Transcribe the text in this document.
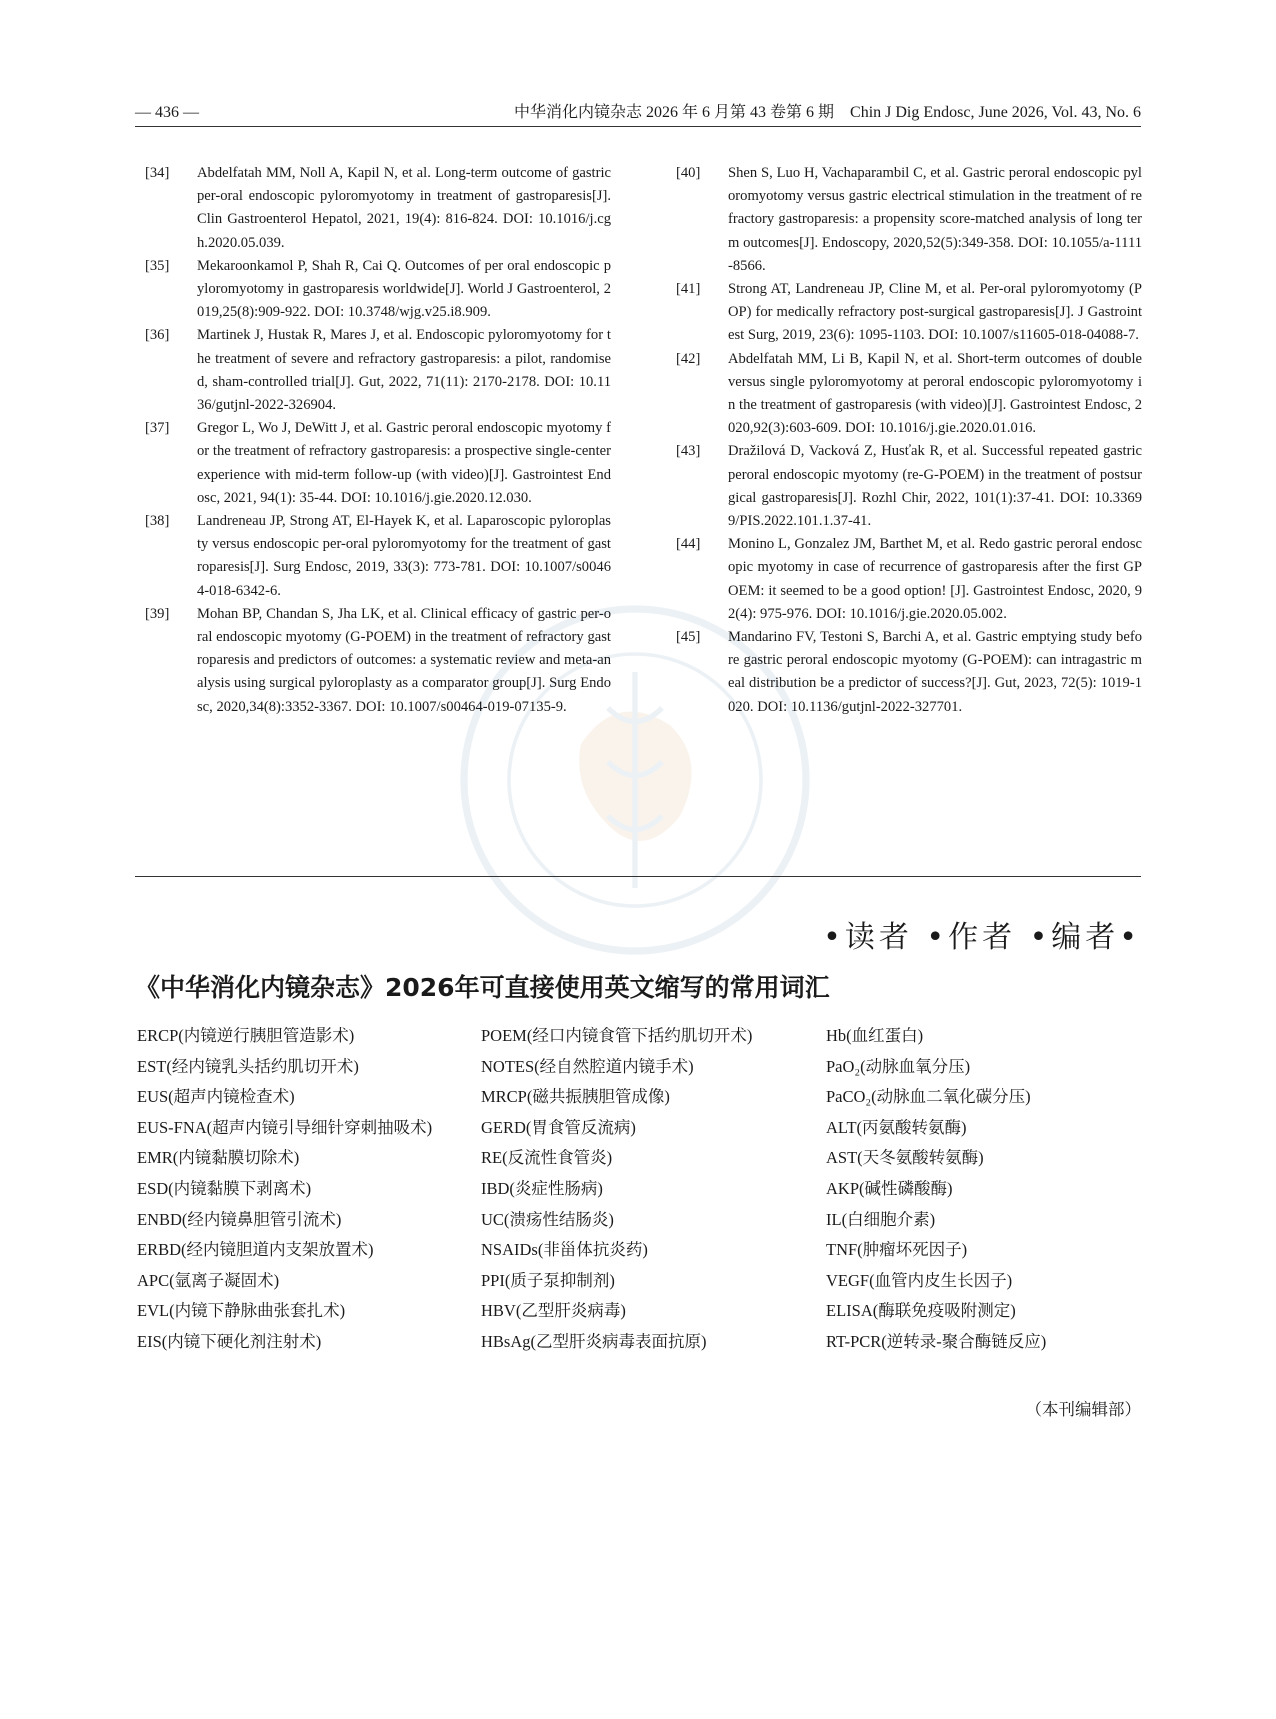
— 436 —	中华消化内镜杂志 2026 年 6 月第 43 卷第 6 期　Chin J Dig Endosc, June 2026, Vol. 43, No. 6
[34] Abdelfatah MM, Noll A, Kapil N, et al. Long-term outcome of gastric per-oral endoscopic pyloromyotomy in treatment of gastroparesis[J]. Clin Gastroenterol Hepatol, 2021, 19(4): 816-824. DOI: 10.1016/j.cgh.2020.05.039.
[35] Mekaroonkamol P, Shah R, Cai Q. Outcomes of per oral endoscopic pyloromyotomy in gastroparesis worldwide[J]. World J Gastroenterol, 2019,25(8):909-922. DOI: 10.3748/wjg.v25.i8.909.
[36] Martinek J, Hustak R, Mares J, et al. Endoscopic pyloromyotomy for the treatment of severe and refractory gastroparesis: a pilot, randomised, sham-controlled trial[J]. Gut, 2022, 71(11): 2170-2178. DOI: 10.1136/gutjnl-2022-326904.
[37] Gregor L, Wo J, DeWitt J, et al. Gastric peroral endoscopic myotomy for the treatment of refractory gastroparesis: a prospective single-center experience with mid-term follow-up (with video)[J]. Gastrointest Endosc, 2021, 94(1): 35-44. DOI: 10.1016/j.gie.2020.12.030.
[38] Landreneau JP, Strong AT, El-Hayek K, et al. Laparoscopic pyloroplasty versus endoscopic per-oral pyloromyotomy for the treatment of gastroparesis[J]. Surg Endosc, 2019, 33(3): 773-781. DOI: 10.1007/s00464-018-6342-6.
[39] Mohan BP, Chandan S, Jha LK, et al. Clinical efficacy of gastric per-oral endoscopic myotomy (G-POEM) in the treatment of refractory gastroparesis and predictors of outcomes: a systematic review and meta-analysis using surgical pyloroplasty as a comparator group[J]. Surg Endosc, 2020,34(8):3352-3367. DOI: 10.1007/s00464-019-07135-9.
[40] Shen S, Luo H, Vachaparambil C, et al. Gastric peroral endoscopic pyloromyotomy versus gastric electrical stimulation in the treatment of refractory gastroparesis: a propensity score-matched analysis of long term outcomes[J]. Endoscopy, 2020,52(5):349-358. DOI: 10.1055/a-1111-8566.
[41] Strong AT, Landreneau JP, Cline M, et al. Per-oral pyloromyotomy (POP) for medically refractory post-surgical gastroparesis[J]. J Gastrointest Surg, 2019, 23(6): 1095-1103. DOI: 10.1007/s11605-018-04088-7.
[42] Abdelfatah MM, Li B, Kapil N, et al. Short-term outcomes of double versus single pyloromyotomy at peroral endoscopic pyloromyotomy in the treatment of gastroparesis (with video)[J]. Gastrointest Endosc, 2020,92(3):603-609. DOI: 10.1016/j.gie.2020.01.016.
[43] Dražilová D, Vacková Z, Husťak R, et al. Successful repeated gastric peroral endoscopic myotomy (re-G-POEM) in the treatment of postsurgical gastroparesis[J]. Rozhl Chir, 2022, 101(1):37-41. DOI: 10.33699/PIS.2022.101.1.37-41.
[44] Monino L, Gonzalez JM, Barthet M, et al. Redo gastric peroral endoscopic myotomy in case of recurrence of gastroparesis after the first GPOEM: it seemed to be a good option! [J]. Gastrointest Endosc, 2020, 92(4): 975-976. DOI: 10.1016/j.gie.2020.05.002.
[45] Mandarino FV, Testoni S, Barchi A, et al. Gastric emptying study before gastric peroral endoscopic myotomy (G-POEM): can intragastric meal distribution be a predictor of success?[J]. Gut, 2023, 72(5): 1019-1020. DOI: 10.1136/gutjnl-2022-327701.
•读者 •作者 •编者•
《中华消化内镜杂志》2026年可直接使用英文缩写的常用词汇
ERCP(内镜逆行胰胆管造影术)
EST(经内镜乳头括约肌切开术)
EUS(超声内镜检查术)
EUS-FNA(超声内镜引导细针穿刺抽吸术)
EMR(内镜黏膜切除术)
ESD(内镜黏膜下剥离术)
ENBD(经内镜鼻胆管引流术)
ERBD(经内镜胆道内支架放置术)
APC(氩离子凝固术)
EVL(内镜下静脉曲张套扎术)
EIS(内镜下硬化剂注射术)
POEM(经口内镜食管下括约肌切开术)
NOTES(经自然腔道内镜手术)
MRCP(磁共振胰胆管成像)
GERD(胃食管反流病)
RE(反流性食管炎)
IBD(炎症性肠病)
UC(溃疡性结肠炎)
NSAIDs(非甾体抗炎药)
PPI(质子泵抑制剂)
HBV(乙型肝炎病毒)
HBsAg(乙型肝炎病毒表面抗原)
Hb(血红蛋白)
PaO₂(动脉血氧分压)
PaCO₂(动脉血二氧化碳分压)
ALT(丙氨酸转氨酶)
AST(天冬氨酸转氨酶)
AKP(碱性磷酸酶)
IL(白细胞介素)
TNF(肿瘤坏死因子)
VEGF(血管内皮生长因子)
ELISA(酶联免疫吸附测定)
RT-PCR(逆转录-聚合酶链反应)
（本刊编辑部）
